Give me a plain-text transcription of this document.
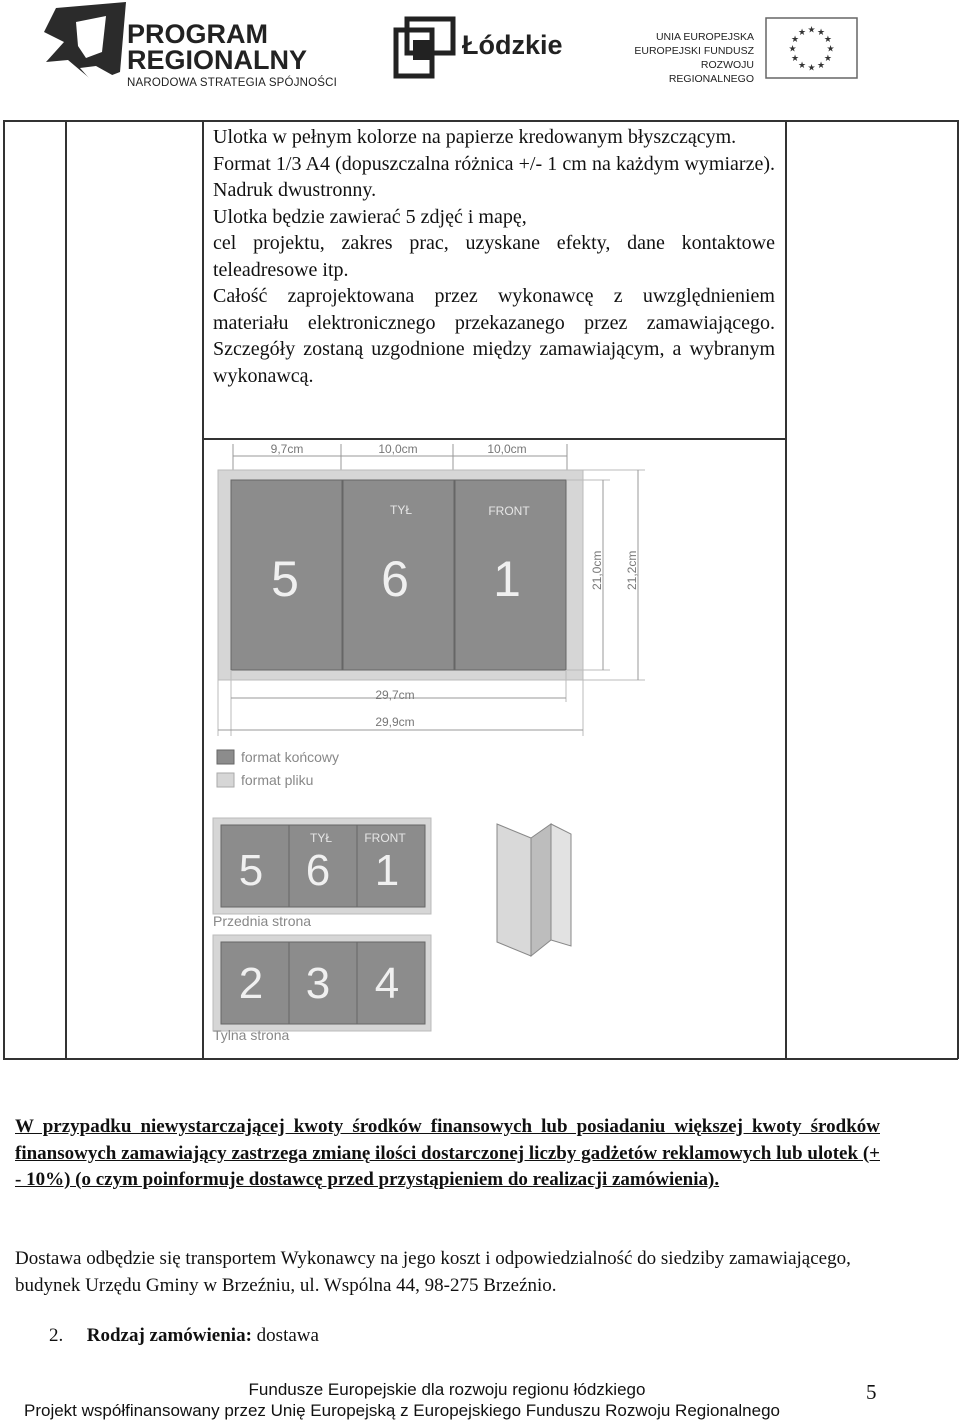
PROGRAM
REGIONALNY
NARODOWA STRATEGIA SPÓJNOŚCI
Łódzkie	UNIA EUROPEJSKA
EUROPEJSKI FUNDUSZ
ROZWOJU REGIONALNEGO
★ ★
★
★
★
★
★
★
★
★
★
★

Ulotka w pełnym kolorze na papierze kredowanym błyszczącym.

Format 1/3 A4 (dopuszczalna różnica +/- 1 cm na każdym wymiarze). Nadruk dwustronny.

Ulotka będzie zawierać 5 zdjęć i mapę,

cel projektu, zakres prac, uzyskane efekty, dane kontaktowe teleadresowe itp.

Całość zaprojektowana przez wykonawcę z uwzględnieniem materiału elektronicznego przekazanego przez zamawiającego. Szczegóły zostaną uzgodnione między zamawiającym, a wybranym wykonawcą.

9,7cm	10,0cm	10,0cm
TYŁ	FRONT
5 6 1	21,0cm 21,2cm
29,7cm
29,9cm
format końcowy
format pliku
TYŁ	FRONT
5 6 1
Przednia strona
2 3 4
Tylna strona
W przypadku niewystarczającej kwoty środków finansowych lub posiadaniu większej kwoty środków finansowych zamawiający zastrzega zmianę ilości dostarczonej liczby gadżetów reklamowych lub ulotek (+ - 10%) (o czym poinformuje dostawcę przed przystąpieniem do realizacji zamówienia).
Dostawa odbędzie się transportem Wykonawcy na jego koszt i odpowiedzialność do siedziby zamawiającego, budynek Urzędu Gminy w Brzeźniu, ul. Wspólna 44, 98-275 Brzeźnio.
2. Rodzaj zamówienia: dostawa
Fundusze Europejskie dla rozwoju regionu łódzkiego	5
Projekt współfinansowany przez Unię Europejską z Europejskiego Funduszu Rozwoju Regionalnego
